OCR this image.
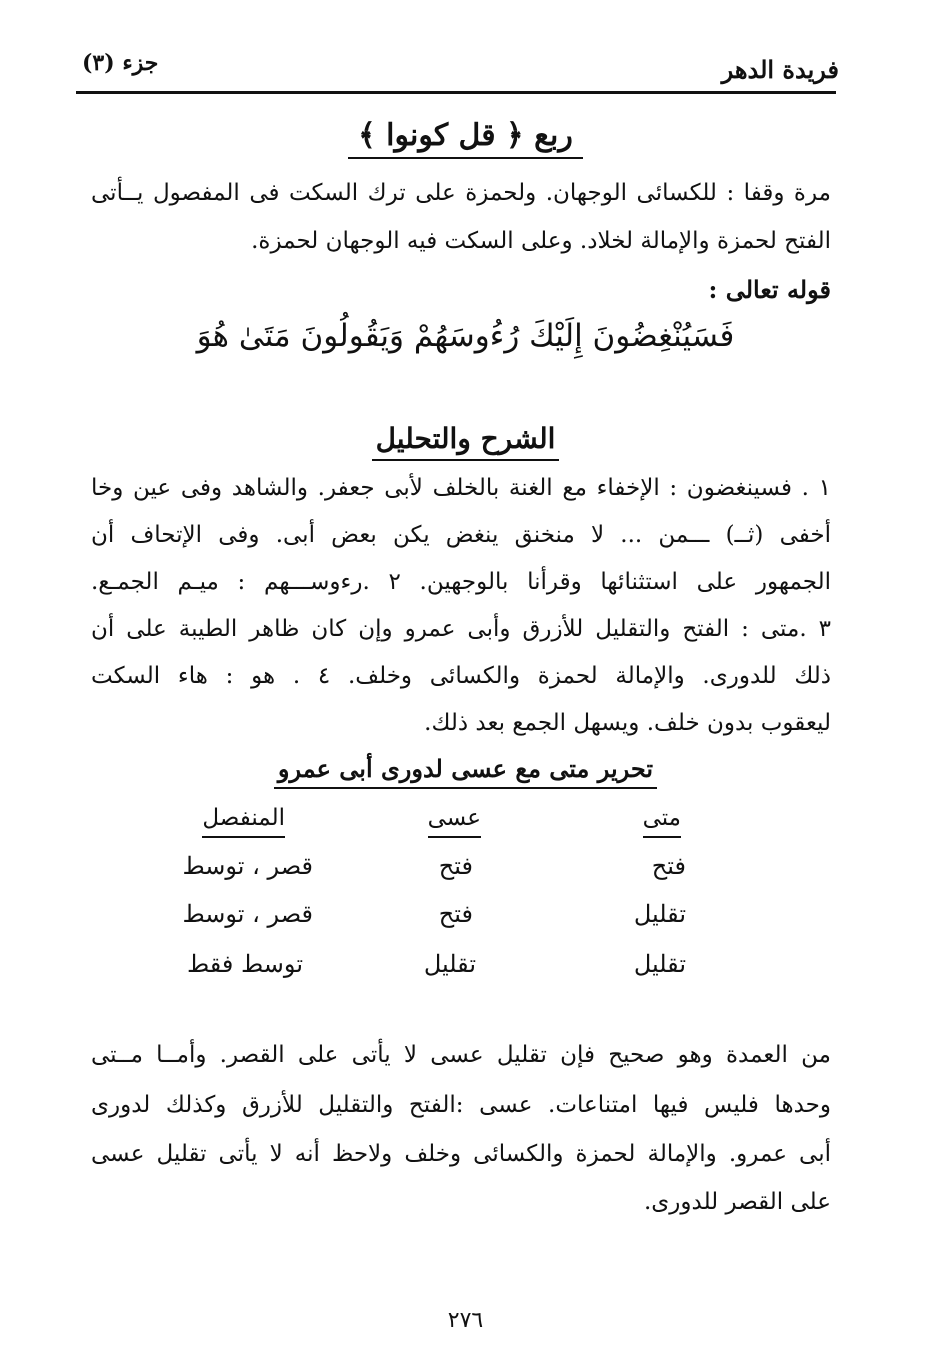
فريدة الدهر
جزء (٣)
ربع ﴿ قل كونوا ﴾
مرة وقفا : للكسائى الوجهان. ولحمزة على ترك السكت فى المفصول يــأتى
الفتح لحمزة والإمالة لخلاد. وعلى السكت فيه الوجهان لحمزة.
قوله تعالى :
فَسَيُنْغِضُونَ إِلَيْكَ رُءُوسَهُمْ وَيَقُولُونَ مَتَىٰ هُوَ
الشرح والتحليل
١ . فسينغضون : الإخفاء مع الغنة بالخلف لأبى جعفر. والشاهد وفى عين وخا
أخفى (ثــ) ـــمن ... لا منخنق ينغض يكن بعض أبى. وفى الإتحاف أن
الجمهور على استثنائها وقرأنا بالوجهين. ٢ .رءوســـهم : ميـم الجمـع.
٣ .متى : الفتح والتقليل للأزرق وأبى عمرو وإن كان ظاهر الطيبة على أن
ذلك للدورى. والإمالة لحمزة والكسائى وخلف. ٤ . هو : هاء السكت
ليعقوب بدون خلف. ويسهل الجمع بعد ذلك.
تحرير متى مع عسى لدورى أبى عمرو
متى
عسى
المنفصل
فتح
فتح
قصر ، توسط
تقليل
فتح
قصر ، توسط
تقليل
تقليل
توسط فقط
من العمدة وهو صحيح فإن تقليل عسى لا يأتى على القصر. وأمــا مــتى
وحدها فليس فيها امتناعات. عسى :الفتح والتقليل للأزرق وكذلك لدورى
أبى عمرو. والإمالة لحمزة والكسائى وخلف ولاحظ أنه لا يأتى تقليل عسى
على القصر للدورى.
٢٧٦
